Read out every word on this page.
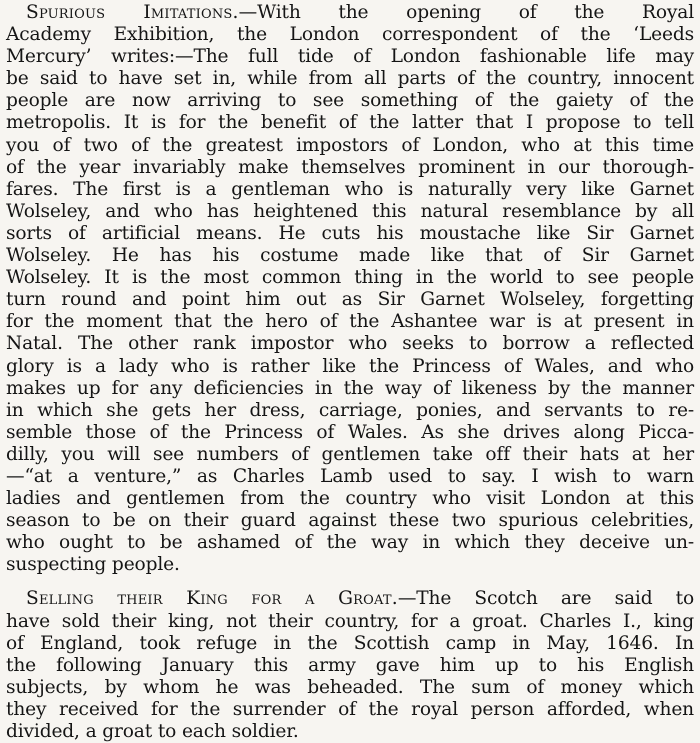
Spurious Imitations.—With the opening of the Royal
Academy Exhibition, the London correspondent of the ‘Leeds
Mercury’ writes:—The full tide of London fashionable life may
be said to have set in, while from all parts of the country, innocent
people are now arriving to see something of the gaiety of the
metropolis. It is for the benefit of the latter that I propose to tell
you of two of the greatest impostors of London, who at this time
of the year invariably make themselves prominent in our thorough-
fares. The first is a gentleman who is naturally very like Garnet
Wolseley, and who has heightened this natural resemblance by all
sorts of artificial means. He cuts his moustache like Sir Garnet
Wolseley. He has his costume made like that of Sir Garnet
Wolseley. It is the most common thing in the world to see people
turn round and point him out as Sir Garnet Wolseley, forgetting
for the moment that the hero of the Ashantee war is at present in
Natal. The other rank impostor who seeks to borrow a reflected
glory is a lady who is rather like the Princess of Wales, and who
makes up for any deficiencies in the way of likeness by the manner
in which she gets her dress, carriage, ponies, and servants to re-
semble those of the Princess of Wales. As she drives along Picca-
dilly, you will see numbers of gentlemen take off their hats at her
—“at a venture,” as Charles Lamb used to say. I wish to warn
ladies and gentlemen from the country who visit London at this
season to be on their guard against these two spurious celebrities,
who ought to be ashamed of the way in which they deceive un-
suspecting people.

Selling their King for a Groat.—The Scotch are said to
have sold their king, not their country, for a groat. Charles I., king
of England, took refuge in the Scottish camp in May, 1646. In
the following January this army gave him up to his English
subjects, by whom he was beheaded. The sum of money which
they received for the surrender of the royal person afforded, when
divided, a groat to each soldier.
